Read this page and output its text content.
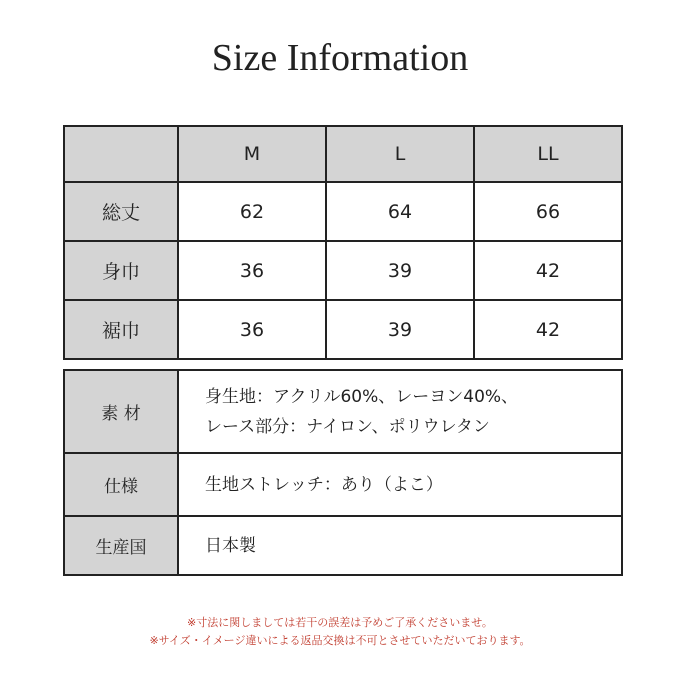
Size Information
	M	L	LL
総丈	62	64	66
身巾	36	39	42
裾巾	36	39	42
素 材	身生地：アクリル60%、レーヨン40%、
レース部分：ナイロン、ポリウレタン

仕様	生地ストレッチ：あり（よこ）
生産国	日本製
※寸法に関しましては若干の誤差は予めご了承くださいませ。
※サイズ・イメージ違いによる返品交換は不可とさせていただいております。
